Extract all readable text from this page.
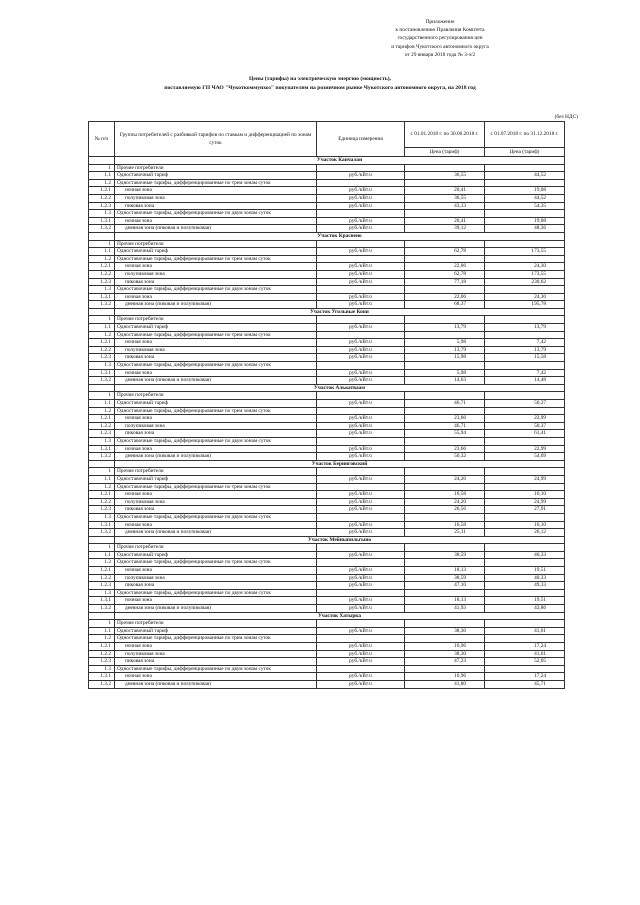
Приложение
к постановлению Правления Комитета
государственного регулирования цен
и тарифов Чукотского автономного округа
от 29 января 2018 года № 3-э/2
Цены (тарифы) на электрическую энергию (мощность),
поставляемую ГП ЧАО "Чукоткоммунхоз" покупателям на розничном рынке Чукотского автономного округа, на 2018 год
(без НДС)
№ п/п	Группы потребителей с разбивкой тарифов по ставкам и дифференциацией по зонам суток	Единица измерения	с 01.01.2018 г. по 30.06.2018 г.	с 01.07.2018 г. по 31.12.2018 г.
			Цена (тариф)	Цена (тариф)
	Участок Канчалан			
1	Прочие потребители			
1.1	Одноставочный тариф	руб./кВт.ч	36,55	44,52
1.2	Одноставочные тарифы, дифференцированные по трем зонам суток			
1.2.1	ночная зона	руб./кВт.ч	20,41	19,08
1.2.2	полупиковая зона	руб./кВт.ч	36,55	44,52
1.2.3	пиковая зона	руб./кВт.ч	43,13	54,35
1.3	Одноставочные тарифы, дифференцированные по двум зонам суток			
1.3.1	ночная зона	руб./кВт.ч	20,41	19,08
1.3.2	дневная зона (пиковая и полупиковая)	руб./кВт.ч	39,12	48,36
	Участок Краснено			
1	Прочие потребители			
1.1	Одноставочный тариф	руб./кВт.ч	62,78	173,55
1.2	Одноставочные тарифы, дифференцированные по трем зонам суток			
1.2.1	ночная зона	руб./кВт.ч	22,06	24,30
1.2.2	полупиковая зона	руб./кВт.ч	62,78	173,55
1.2.3	пиковая зона	руб./кВт.ч	77,18	230,62
1.3	Одноставочные тарифы, дифференцированные по двум зонам суток			
1.3.1	ночная зона	руб./кВт.ч	22,06	24,30
1.3.2	дневная зона (пиковая и полупиковая)	руб./кВт.ч	68,37	195,78
	Участок Угольные Копи			
1	Прочие потребители			
1.1	Одноставочный тариф	руб./кВт.ч	13,79	13,79
1.2	Одноставочные тарифы, дифференцированные по трем зонам суток			
1.2.1	ночная зона	руб./кВт.ч	5,98	7,42
1.2.2	полупиковая зона	руб./кВт.ч	13,79	13,79
1.2.3	пиковая зона	руб./кВт.ч	15,98	15,58
1.3	Одноставочные тарифы, дифференцированные по двум зонам суток			
1.3.1	ночная зона	руб./кВт.ч	5,98	7,42
1.3.2	дневная зона (пиковая и полупиковая)	руб./кВт.ч	14,63	14,48
	Участок Алькатваам			
1	Прочие потребители			
1.1	Одноставочный тариф	руб./кВт.ч	46,71	50,37
1.2	Одноставочные тарифы, дифференцированные по трем зонам суток			
1.2.1	ночная зона	руб./кВт.ч	23,66	22,99
1.2.2	полупиковая зона	руб./кВт.ч	46,71	50,37
1.2.3	пиковая зона	руб./кВт.ч	55,94	61,41
1.3	Одноставочные тарифы, дифференцированные по двум зонам суток			
1.3.1	ночная зона	руб./кВт.ч	23,66	22,99
1.3.2	дневная зона (пиковая и полупиковая)	руб./кВт.ч	50,32	54,69
	Участок Беринговский			
1	Прочие потребители			
1.1	Одноставочный тариф	руб./кВт.ч	24,20	24,99
1.2	Одноставочные тарифы, дифференцированные по трем зонам суток			
1.2.1	ночная зона	руб./кВт.ч	16,58	16,10
1.2.2	полупиковая зона	руб./кВт.ч	24,20	24,99
1.2.3	пиковая зона	руб./кВт.ч	26,56	27,91
1.3	Одноставочные тарифы, дифференцированные по двум зонам суток			
1.3.1	ночная зона	руб./кВт.ч	16,58	16,10
1.3.2	дневная зона (пиковая и полупиковая)	руб./кВт.ч	25,11	26,12
	Участок Мейныпильгыно			
1	Прочие потребители			
1.1	Одноставочный тариф	руб./кВт.ч	38,59	40,33
1.2	Одноставочные тарифы, дифференцированные по трем зонам суток			
1.2.1	ночная зона	руб./кВт.ч	18,13	19,51
1.2.2	полупиковая зона	руб./кВт.ч	38,59	40,33
1.2.3	пиковая зона	руб./кВт.ч	47,10	49,33
1.3	Одноставочные тарифы, дифференцированные по двум зонам суток			
1.3.1	ночная зона	руб./кВт.ч	18,13	19,51
1.3.2	дневная зона (пиковая и полупиковая)	руб./кВт.ч	41,93	43,86
	Участок Хатырка			
1	Прочие потребители			
1.1	Одноставочный тариф	руб./кВт.ч	38,30	41,61
1.2	Одноставочные тарифы, дифференцированные по трем зонам суток			
1.2.1	ночная зона	руб./кВт.ч	16,96	17,24
1.2.2	полупиковая зона	руб./кВт.ч	38,30	41,61
1.2.3	пиковая зона	руб./кВт.ч	47,23	52,05
1.3	Одноставочные тарифы, дифференцированные по двум зонам суток			
1.3.1	ночная зона	руб./кВт.ч	16,96	17,24
1.3.2	дневная зона (пиковая и полупиковая)	руб./кВт.ч	41,80	45,71
